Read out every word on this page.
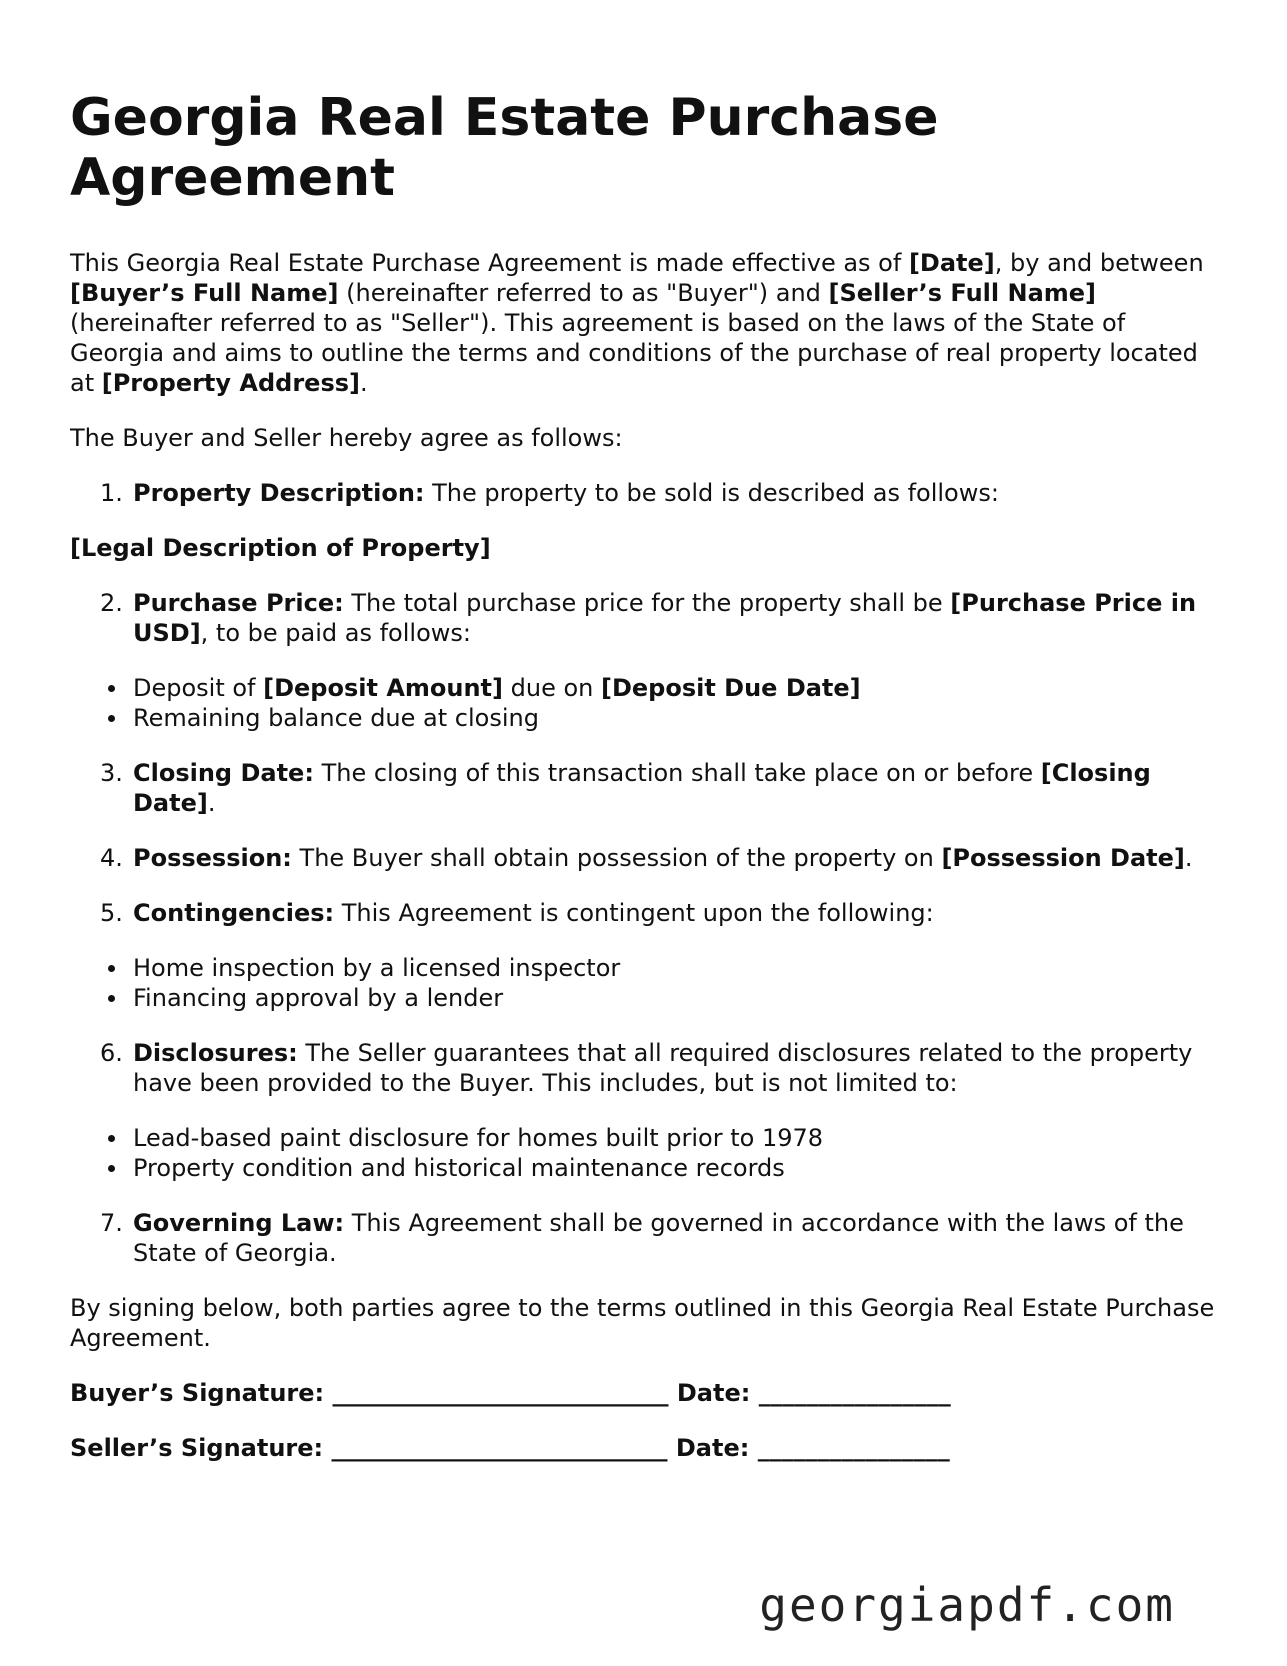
Georgia Real Estate Purchase Agreement

This Georgia Real Estate Purchase Agreement is made effective as of [Date], by and between [Buyer’s Full Name] (hereinafter referred to as "Buyer") and [Seller’s Full Name] (hereinafter referred to as "Seller"). This agreement is based on the laws of the State of Georgia and aims to outline the terms and conditions of the purchase of real property located at [Property Address].

The Buyer and Seller hereby agree as follows:

1. Property Description: The property to be sold is described as follows:
[Legal Description of Property]
2. Purchase Price: The total purchase price for the property shall be [Purchase Price in USD], to be paid as follows:
Deposit of [Deposit Amount] due on [Deposit Due Date]
Remaining balance due at closing
3. Closing Date: The closing of this transaction shall take place on or before [Closing Date].
4. Possession: The Buyer shall obtain possession of the property on [Possession Date].
5. Contingencies: This Agreement is contingent upon the following:
Home inspection by a licensed inspector
Financing approval by a lender
6. Disclosures: The Seller guarantees that all required disclosures related to the property have been provided to the Buyer. This includes, but is not limited to:
Lead-based paint disclosure for homes built prior to 1978
Property condition and historical maintenance records
7. Governing Law: This Agreement shall be governed in accordance with the laws of the State of Georgia.

By signing below, both parties agree to the terms outlined in this Georgia Real Estate Purchase Agreement.

Buyer’s Signature: ____________________________ Date: ________________
Seller’s Signature: ____________________________ Date: ________________
georgiapdf.com
